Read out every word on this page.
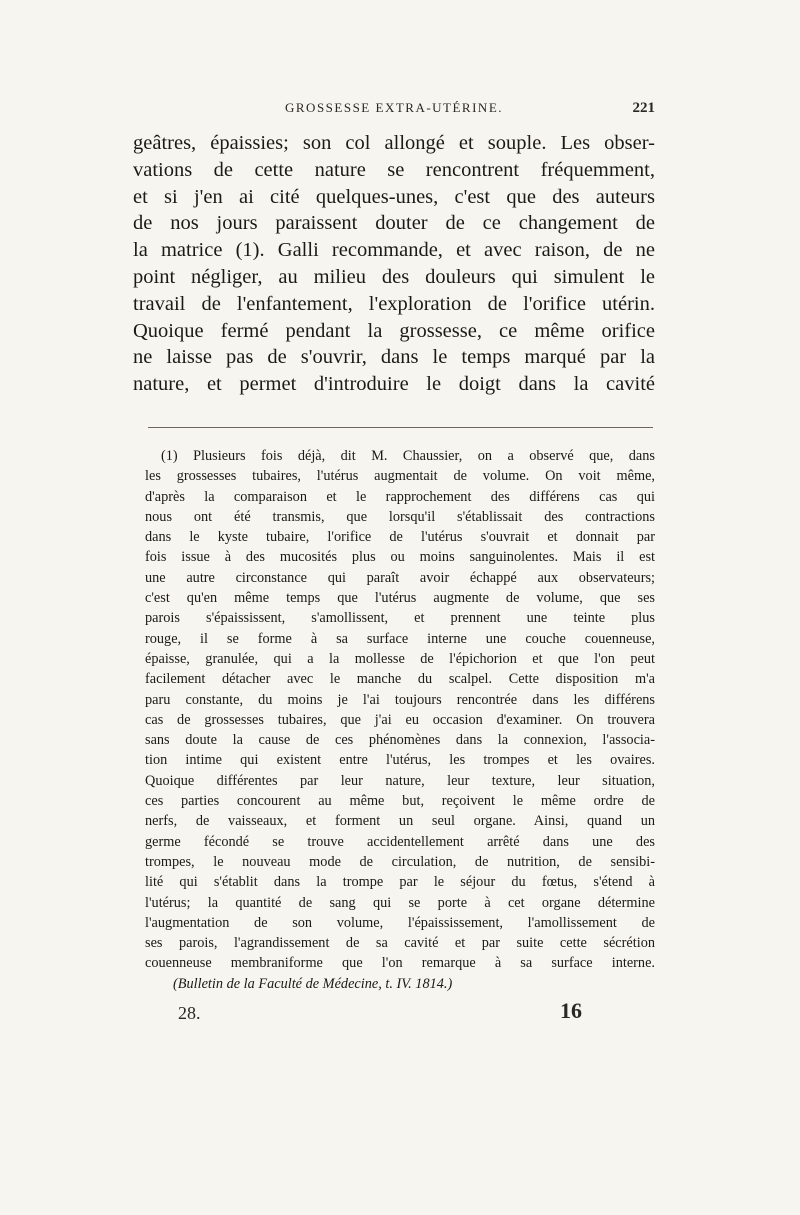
GROSSESSE EXTRA-UTÉRINE.	221

geâtres, épaissies; son col allongé et souple. Les obser-
vations de cette nature se rencontrent fréquemment,
et si j'en ai cité quelques-unes, c'est que des auteurs
de nos jours paraissent douter de ce changement de
la matrice (1). Galli recommande, et avec raison, de ne
point négliger, au milieu des douleurs qui simulent le
travail de l'enfantement, l'exploration de l'orifice utérin.
Quoique fermé pendant la grossesse, ce même orifice
ne laisse pas de s'ouvrir, dans le temps marqué par la
nature, et permet d'introduire le doigt dans la cavité

(1) Plusieurs fois déjà, dit M. Chaussier, on a observé que, dans
les grossesses tubaires, l'utérus augmentait de volume. On voit même,
d'après la comparaison et le rapprochement des différens cas qui
nous ont été transmis, que lorsqu'il s'établissait des contractions
dans le kyste tubaire, l'orifice de l'utérus s'ouvrait et donnait par
fois issue à des mucosités plus ou moins sanguinolentes. Mais il est
une autre circonstance qui paraît avoir échappé aux observateurs;
c'est qu'en même temps que l'utérus augmente de volume, que ses
parois s'épaississent, s'amollissent, et prennent une teinte plus
rouge, il se forme à sa surface interne une couche couenneuse,
épaisse, granulée, qui a la mollesse de l'épichorion et que l'on peut
facilement détacher avec le manche du scalpel. Cette disposition m'a
paru constante, du moins je l'ai toujours rencontrée dans les différens
cas de grossesses tubaires, que j'ai eu occasion d'examiner. On trouvera
sans doute la cause de ces phénomènes dans la connexion, l'associa-
tion intime qui existent entre l'utérus, les trompes et les ovaires.
Quoique différentes par leur nature, leur texture, leur situation,
ces parties concourent au même but, reçoivent le même ordre de
nerfs, de vaisseaux, et forment un seul organe. Ainsi, quand un
germe fécondé se trouve accidentellement arrêté dans une des
trompes, le nouveau mode de circulation, de nutrition, de sensibi-
lité qui s'établit dans la trompe par le séjour du fœtus, s'étend à
l'utérus; la quantité de sang qui se porte à cet organe détermine
l'augmentation de son volume, l'épaississement, l'amollissement de
ses parois, l'agrandissement de sa cavité et par suite cette sécrétion
couenneuse membraniforme que l'on remarque à sa surface interne.
(Bulletin de la Faculté de Médecine, t. IV. 1814.)

28.	16
